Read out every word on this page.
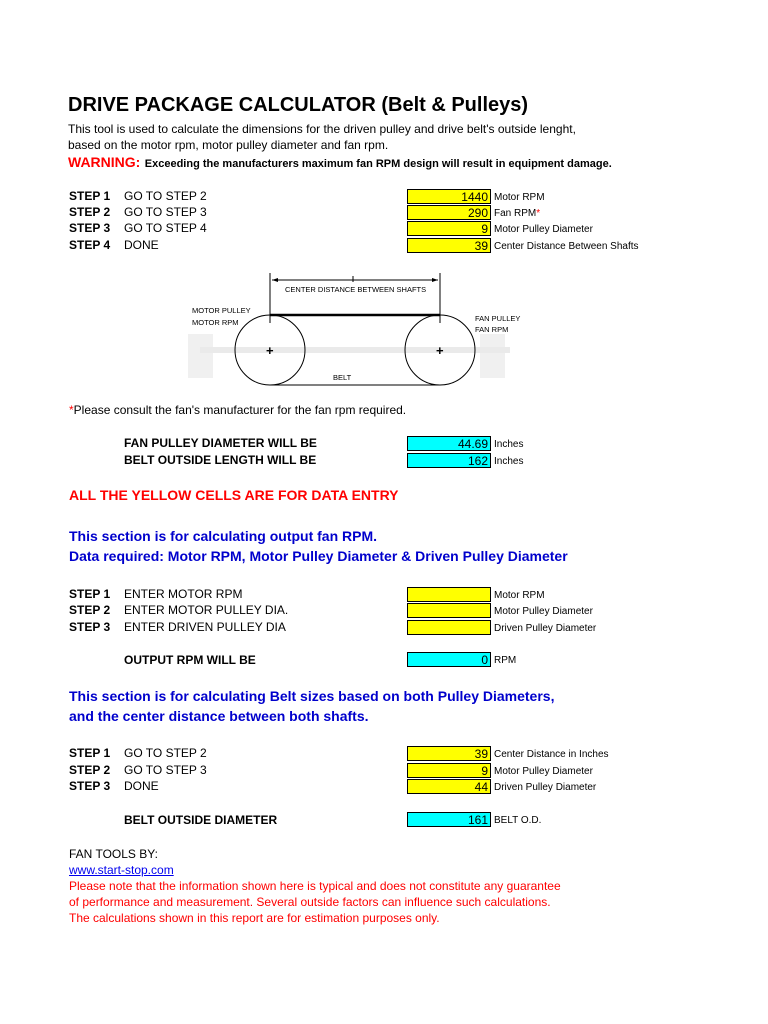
DRIVE PACKAGE CALCULATOR (Belt & Pulleys)
This tool is used to calculate the dimensions for the driven pulley and drive belt's outside lenght,
based on the motor rpm, motor pulley diameter and fan rpm.
WARNING: Exceeding the manufacturers maximum fan RPM design will result in equipment damage.
STEP 1 GO TO STEP 2	1440 Motor RPM
STEP 2 GO TO STEP 3	290 Fan RPM*
STEP 3 GO TO STEP 4	9 Motor Pulley Diameter
STEP 4 DONE	39 Center Distance Between Shafts
CENTER DISTANCE BETWEEN SHAFTS
+	+
MOTOR PULLEY
MOTOR RPM	FAN PULLEY
FAN RPM
BELT
*Please consult the fan's manufacturer for the fan rpm required.
FAN PULLEY DIAMETER WILL BE	44.69 Inches
BELT OUTSIDE LENGTH WILL BE	162 Inches
ALL THE YELLOW CELLS ARE FOR DATA ENTRY
This section is for calculating output fan RPM.
Data required: Motor RPM, Motor Pulley Diameter & Driven Pulley Diameter
STEP 1 ENTER MOTOR RPM	Motor RPM
STEP 2 ENTER MOTOR PULLEY DIA.	Motor Pulley Diameter
STEP 3 ENTER DRIVEN PULLEY DIA	Driven Pulley Diameter
OUTPUT RPM WILL BE	0 RPM
This section is for calculating Belt sizes based on both Pulley Diameters,
and the center distance between both shafts.
STEP 1 GO TO STEP 2	39 Center Distance in Inches
STEP 2 GO TO STEP 3	9 Motor Pulley Diameter
STEP 3 DONE	44 Driven Pulley Diameter
BELT OUTSIDE DIAMETER	161 BELT O.D.
FAN TOOLS BY:
www.start-stop.com
Please note that the information shown here is typical and does not constitute any guarantee
of performance and measurement. Several outside factors can influence such calculations.
The calculations shown in this report are for estimation purposes only.
